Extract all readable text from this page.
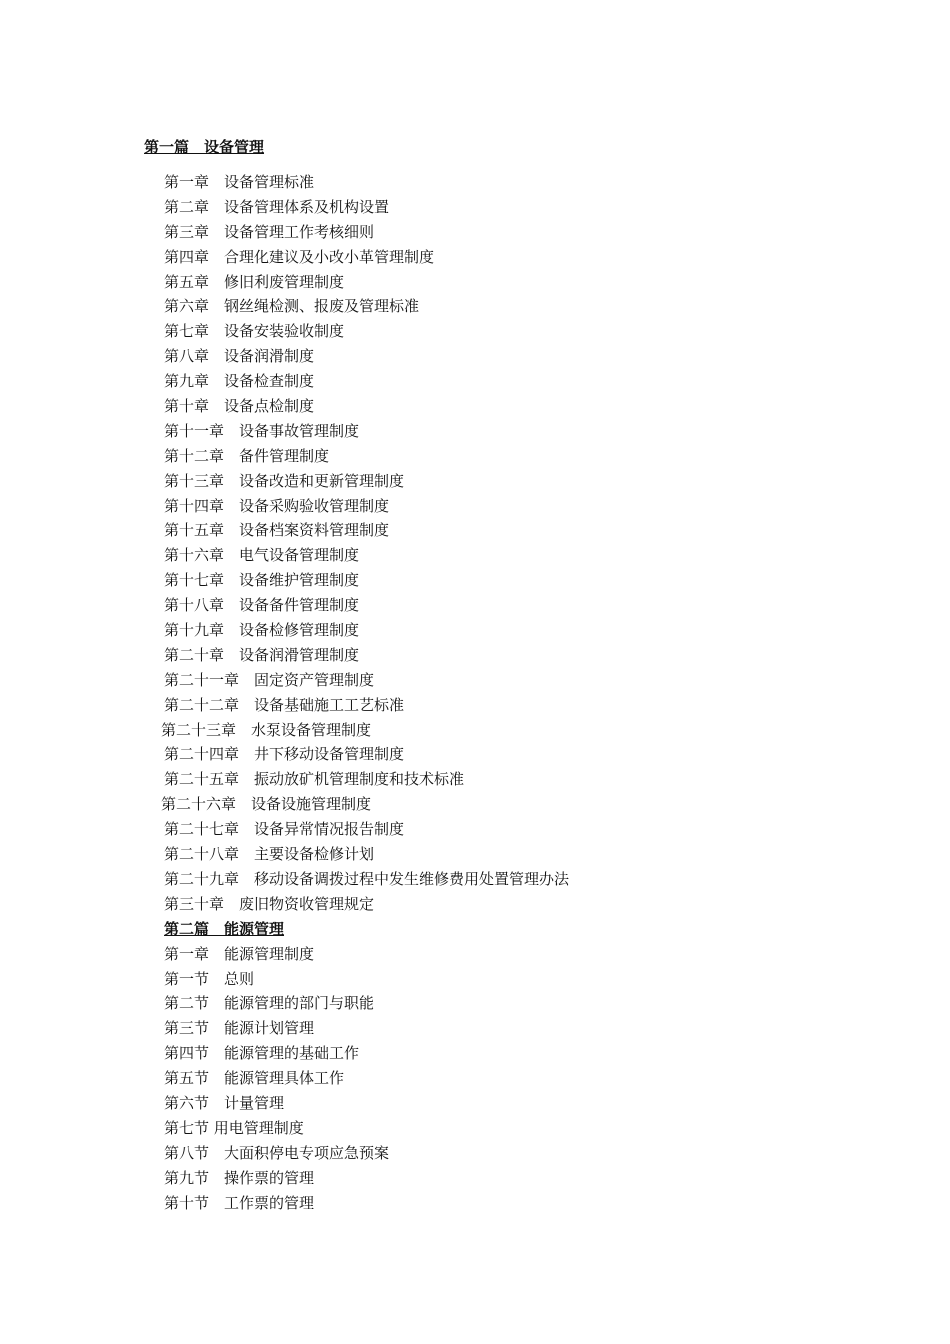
第一篇　设备管理
第一章　设备管理标准
第二章　设备管理体系及机构设置
第三章　设备管理工作考核细则
第四章　合理化建议及小改小革管理制度
第五章　修旧利废管理制度
第六章　钢丝绳检测、报废及管理标准
第七章　设备安装验收制度
第八章　设备润滑制度
第九章　设备检查制度
第十章　设备点检制度
第十一章　设备事故管理制度
第十二章　备件管理制度
第十三章　设备改造和更新管理制度
第十四章　设备采购验收管理制度
第十五章　设备档案资料管理制度
第十六章　电气设备管理制度
第十七章　设备维护管理制度
第十八章　设备备件管理制度
第十九章　设备检修管理制度
第二十章　设备润滑管理制度
第二十一章　固定资产管理制度
第二十二章　设备基础施工工艺标准
第二十三章　水泵设备管理制度
第二十四章　井下移动设备管理制度
第二十五章　振动放矿机管理制度和技术标准
第二十六章　设备设施管理制度
第二十七章　设备异常情况报告制度
第二十八章　主要设备检修计划
第二十九章　移动设备调拨过程中发生维修费用处置管理办法
第三十章　废旧物资收管理规定
第二篇　能源管理
第一章　能源管理制度
第一节　总则
第二节　能源管理的部门与职能
第三节　能源计划管理
第四节　能源管理的基础工作
第五节　能源管理具体工作
第六节　计量管理
第七节 用电管理制度
第八节　大面积停电专项应急预案
第九节　操作票的管理
第十节　工作票的管理
